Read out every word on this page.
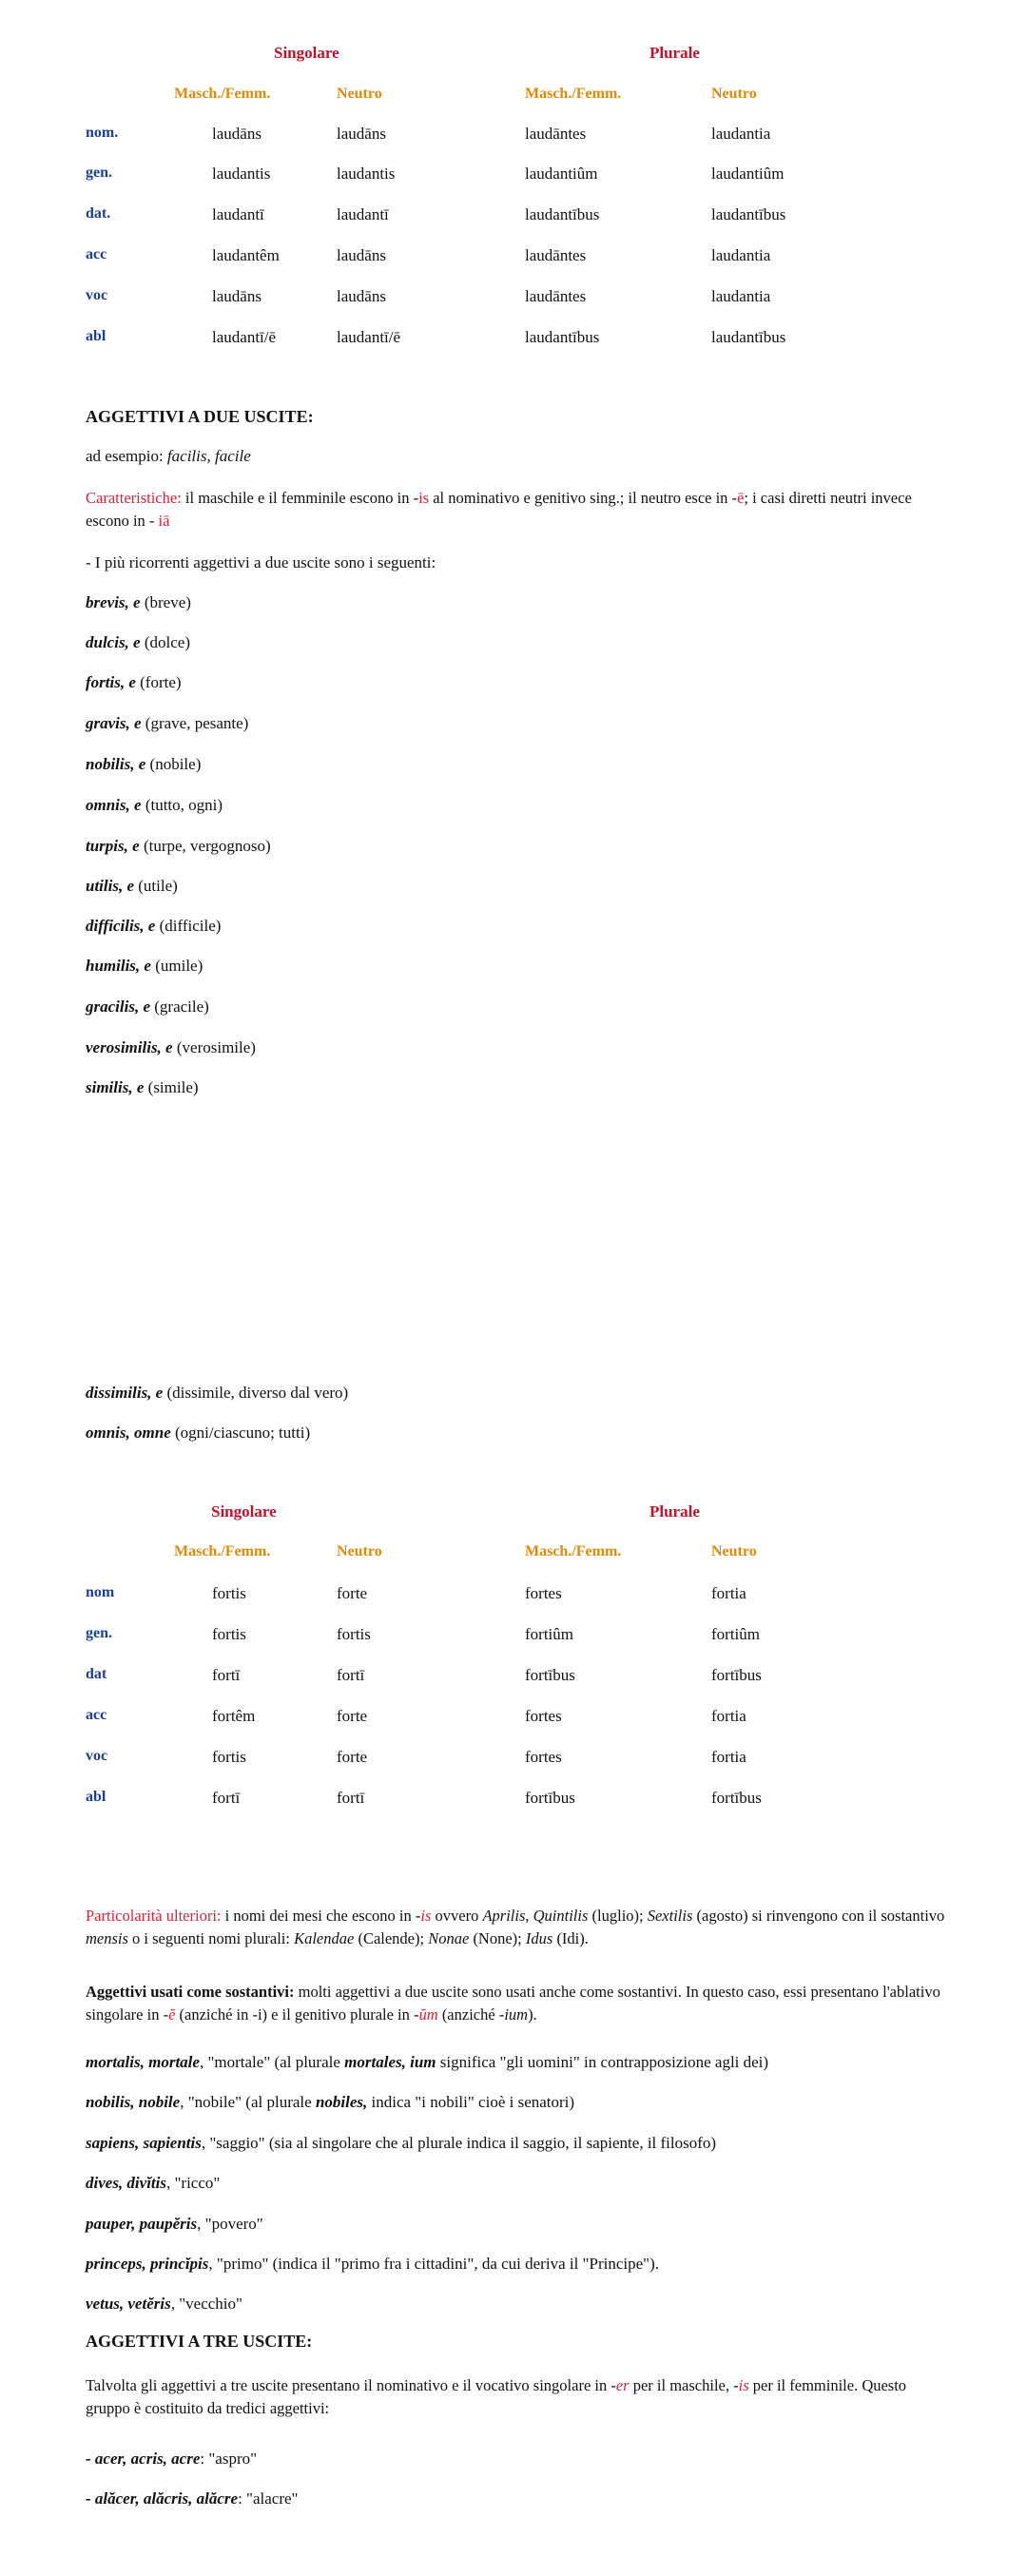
Singolare	Plurale
Masch./Femm.	Neutro	Masch./Femm.	Neutro
nom.	laudāns	laudāns	laudāntes	laudantia
gen.	laudantis	laudantis	laudantiûm	laudantiûm
dat.	laudantī	laudantī	laudantībus	laudantībus
acc	laudantêm	laudāns	laudāntes	laudantia
voc	laudāns	laudāns	laudāntes	laudantia
abl	laudantī/ē	laudantī/ē	laudantībus	laudantībus
AGGETTIVI A DUE USCITE:
ad esempio: facilis, facile
Caratteristiche: il maschile e il femminile escono in -is al nominativo e genitivo sing.; il neutro esce in -ē; i casi diretti neutri invece escono in - iā
- I più ricorrenti aggettivi a due uscite sono i seguenti:
brevis, e (breve)
dulcis, e (dolce)
fortis, e (forte)
gravis, e (grave, pesante)
nobilis, e (nobile)
omnis, e (tutto, ogni)
turpis, e (turpe, vergognoso)
utilis, e (utile)
difficilis, e (difficile)
humilis, e (umile)
gracilis, e (gracile)
verosimilis, e (verosimile)
similis, e (simile)
dissimilis, e (dissimile, diverso dal vero)
omnis, omne (ogni/ciascuno; tutti)
Singolare	Plurale
Masch./Femm.	Neutro	Masch./Femm.	Neutro
nom	fortis	forte	fortes	fortia
gen.	fortis	fortis	fortiûm	fortiûm
dat	fortī	fortī	fortībus	fortībus
acc	fortêm	forte	fortes	fortia
voc	fortis	forte	fortes	fortia
abl	fortī	fortī	fortībus	fortībus
Particolarità ulteriori: i nomi dei mesi che escono in -is ovvero Aprilis, Quintilis (luglio); Sextilis (agosto) si rinvengono con il sostantivo mensis o i seguenti nomi plurali: Kalendae (Calende); Nonae (None); Idus (Idi).
Aggettivi usati come sostantivi: molti aggettivi a due uscite sono usati anche come sostantivi. In questo caso, essi presentano l'ablativo singolare in -ĕ (anziché in -i) e il genitivo plurale in -ŭm (anziché -ium).
mortalis, mortale, "mortale" (al plurale mortales, ium significa "gli uomini" in contrapposizione agli dei)
nobilis, nobile, "nobile" (al plurale nobiles, indica "i nobili" cioè i senatori)
sapiens, sapientis, "saggio" (sia al singolare che al plurale indica il saggio, il sapiente, il filosofo)
dives, divĭtis, "ricco"
pauper, paupĕris, "povero"
princeps, princĭpis, "primo" (indica il "primo fra i cittadini", da cui deriva il "Principe").
vetus, vetĕris, "vecchio"
AGGETTIVI A TRE USCITE:
Talvolta gli aggettivi a tre uscite presentano il nominativo e il vocativo singolare in -er per il maschile, -is per il femminile. Questo gruppo è costituito da tredici aggettivi:
- acer, acris, acre: "aspro"
- alăcer, alăcris, alăcre: "alacre"
